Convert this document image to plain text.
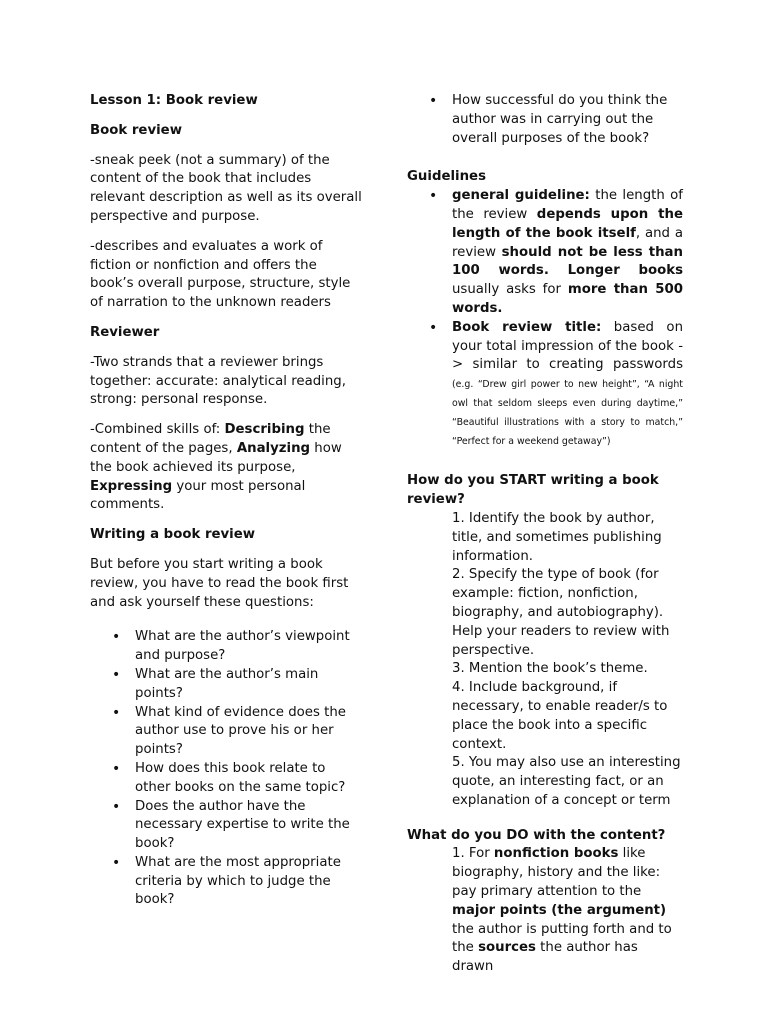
Lesson 1: Book review

Book review

-sneak peek (not a summary) of the content of the book that includes relevant description as well as its overall perspective and purpose.

-describes and evaluates a work of fiction or nonfiction and offers the book’s overall purpose, structure, style of narration to the unknown readers

Reviewer

-Two strands that a reviewer brings together: accurate: analytical reading, strong: personal response.

-Combined skills of: Describing the content of the pages, Analyzing how the book achieved its purpose, Expressing your most personal comments.

Writing a book review

But before you start writing a book review, you have to read the book first and ask yourself these questions:

• What are the author’s viewpoint and purpose?
• What are the author’s main points?
• What kind of evidence does the author use to prove his or her points?
• How does this book relate to other books on the same topic?
• Does the author have the necessary expertise to write the book?
• What are the most appropriate criteria by which to judge the book?
• How successful do you think the author was in carrying out the overall purposes of the book?

Guidelines

• general guideline: the length of the review depends upon the length of the book itself, and a review should not be less than 100 words. Longer books usually asks for more than 500 words.
• Book review title: based on your total impression of the book -> similar to creating passwords (e.g. “Drew girl power to new height”, “A night owl that seldom sleeps even during daytime,” “Beautiful illustrations with a story to match,” “Perfect for a weekend getaway”)

How do you START writing a book review?

1. Identify the book by author, title, and sometimes publishing information.
2. Specify the type of book (for example: fiction, nonfiction, biography, and autobiography). Help your readers to review with perspective.
3. Mention the book’s theme.
4. Include background, if necessary, to enable reader/s to place the book into a specific context.
5. You may also use an interesting quote, an interesting fact, or an explanation of a concept or term

What do you DO with the content?

1. For nonfiction books like biography, history and the like: pay primary attention to the major points (the argument) the author is putting forth and to the sources the author has drawn
